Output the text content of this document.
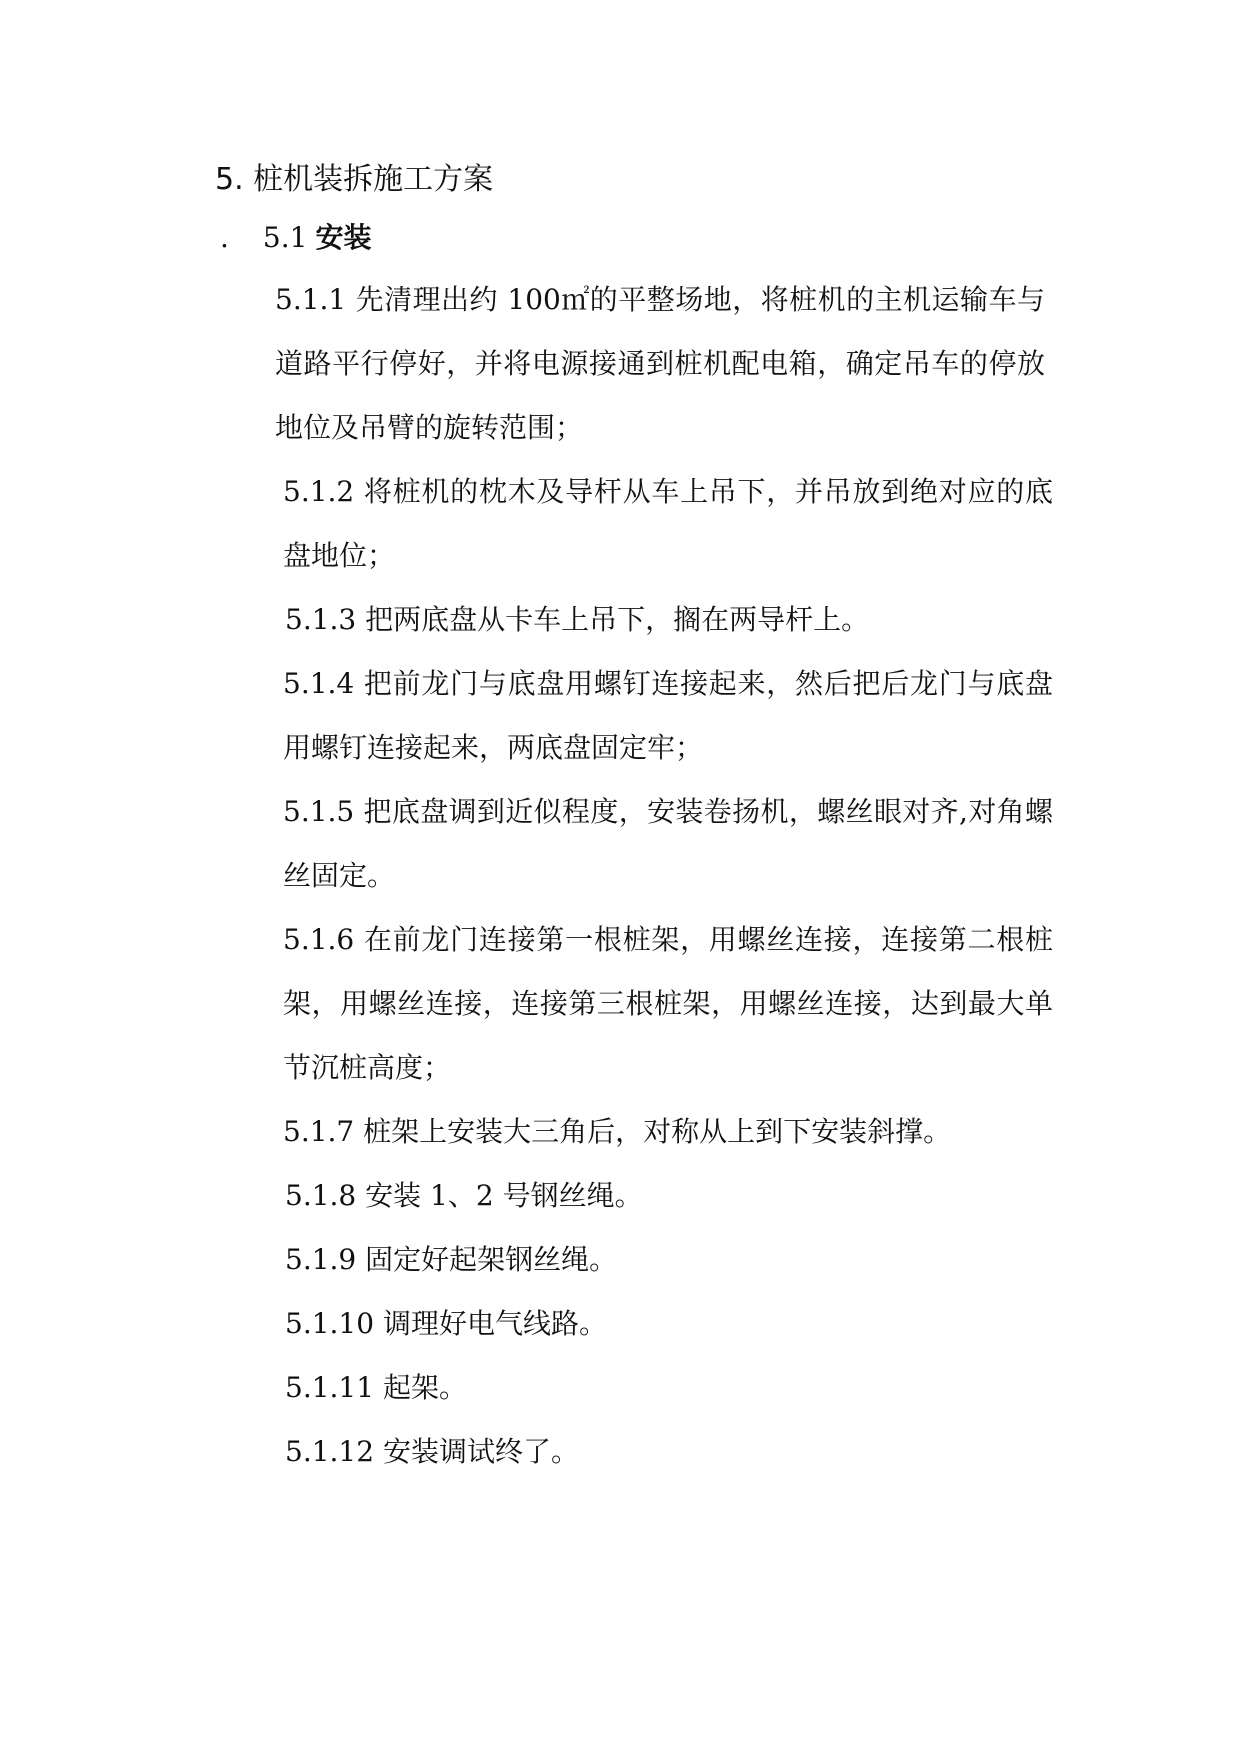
5. 桩机装拆施工方案
. 5.1 安装
5.1.1 先清理出约 100㎡的平整场地，将桩机的主机运输车与道路平行停好，并将电源接通到桩机配电箱，确定吊车的停放地位及吊臂的旋转范围；
5.1.2 将桩机的枕木及导杆从车上吊下，并吊放到绝对应的底盘地位；
5.1.3 把两底盘从卡车上吊下，搁在两导杆上。
5.1.4 把前龙门与底盘用螺钉连接起来，然后把后龙门与底盘用螺钉连接起来，两底盘固定牢；
5.1.5 把底盘调到近似程度，安装卷扬机，螺丝眼对齐,对角螺丝固定。
5.1.6 在前龙门连接第一根桩架，用螺丝连接，连接第二根桩架，用螺丝连接，连接第三根桩架，用螺丝连接，达到最大单节沉桩高度；
5.1.7 桩架上安装大三角后，对称从上到下安装斜撑。
5.1.8 安装 1、2 号钢丝绳。
5.1.9 固定好起架钢丝绳。
5.1.10 调理好电气线路。
5.1.11 起架。
5.1.12 安装调试终了。
